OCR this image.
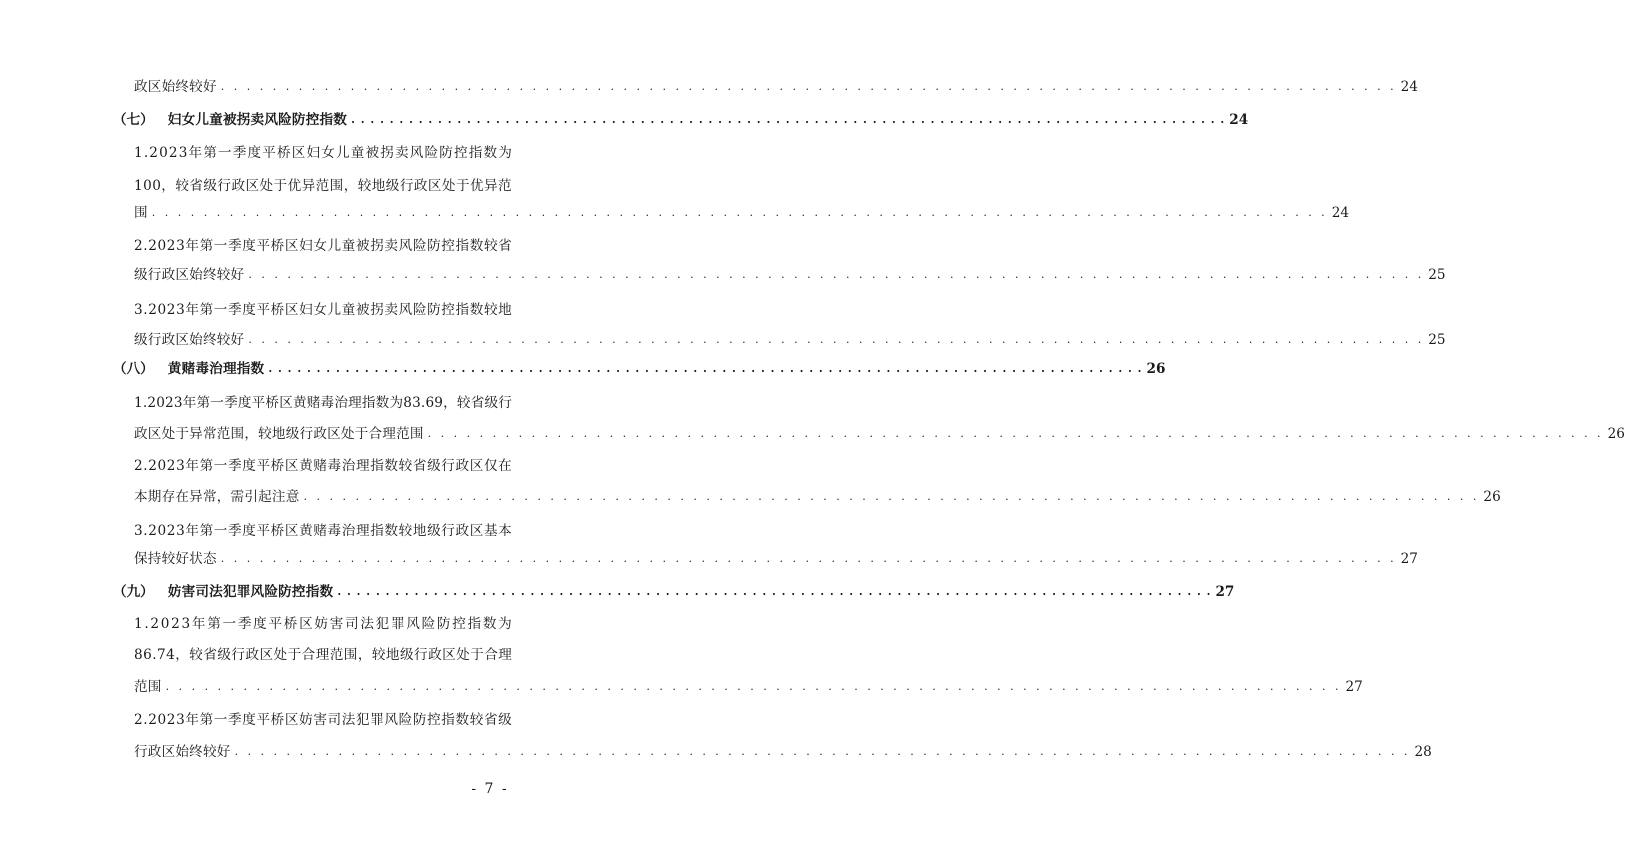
政区始终较好 . . . . . . . . . . . . . . . . . . . . . . . . . . . . . . . . . . . . . . . . . . . . . . . . . . . . . . . . . . . . . . . . . . . . . . . . . . . . . . . . . . . . . . . . . . . 24
（七） 妇女儿童被拐卖风险防控指数 . . . . . . . . . . . . . . . . . . . . . . . . . . . . . . . . . . . . . . . . . . . . . . . . . . . . . . . . . . . . . . . . . . . . . . . . . . . . . . . . . . . . . . . . . . . 24
1 . 2 0 2 3 年 第 一 季 度 平 桥 区 妇 女 儿 童 被 拐 卖 风 险 防 控 指 数 为
1 0 0 ， 较 省 级 行 政 区 处 于 优 异 范 围 ， 较 地 级 行 政 区 处 于 优 异 范
围 . . . . . . . . . . . . . . . . . . . . . . . . . . . . . . . . . . . . . . . . . . . . . . . . . . . . . . . . . . . . . . . . . . . . . . . . . . . . . . . . . . . . . . . . . . . 24
2 . 2 0 2 3 年 第 一 季 度 平 桥 区 妇 女 儿 童 被 拐 卖 风 险 防 控 指 数 较 省
级行政区始终较好 . . . . . . . . . . . . . . . . . . . . . . . . . . . . . . . . . . . . . . . . . . . . . . . . . . . . . . . . . . . . . . . . . . . . . . . . . . . . . . . . . . . . . . . . . . . 25
3 . 2 0 2 3 年 第 一 季 度 平 桥 区 妇 女 儿 童 被 拐 卖 风 险 防 控 指 数 较 地
级行政区始终较好 . . . . . . . . . . . . . . . . . . . . . . . . . . . . . . . . . . . . . . . . . . . . . . . . . . . . . . . . . . . . . . . . . . . . . . . . . . . . . . . . . . . . . . . . . . . 25
（八） 黄赌毒治理指数 . . . . . . . . . . . . . . . . . . . . . . . . . . . . . . . . . . . . . . . . . . . . . . . . . . . . . . . . . . . . . . . . . . . . . . . . . . . . . . . . . . . . . . . . . . . 26
1 . 2 0 2 3 年 第 一 季 度 平 桥 区 黄 赌 毒 治 理 指 数 为 8 3 . 6 9 ， 较 省 级 行
政区处于异常范围，较地级行政区处于合理范围 . . . . . . . . . . . . . . . . . . . . . . . . . . . . . . . . . . . . . . . . . . . . . . . . . . . . . . . . . . . . . . . . . . . . . . . . . . . . . . . . . . . . . . . . . . . 26
2 . 2 0 2 3 年 第 一 季 度 平 桥 区 黄 赌 毒 治 理 指 数 较 省 级 行 政 区 仅 在
本期存在异常，需引起注意 . . . . . . . . . . . . . . . . . . . . . . . . . . . . . . . . . . . . . . . . . . . . . . . . . . . . . . . . . . . . . . . . . . . . . . . . . . . . . . . . . . . . . . . . . . . 26
3 . 2 0 2 3 年 第 一 季 度 平 桥 区 黄 赌 毒 治 理 指 数 较 地 级 行 政 区 基 本
保持较好状态 . . . . . . . . . . . . . . . . . . . . . . . . . . . . . . . . . . . . . . . . . . . . . . . . . . . . . . . . . . . . . . . . . . . . . . . . . . . . . . . . . . . . . . . . . . . 27
（九） 妨害司法犯罪风险防控指数 . . . . . . . . . . . . . . . . . . . . . . . . . . . . . . . . . . . . . . . . . . . . . . . . . . . . . . . . . . . . . . . . . . . . . . . . . . . . . . . . . . . . . . . . . . . 27
1 . 2 0 2 3 年 第 一 季 度 平 桥 区 妨 害 司 法 犯 罪 风 险 防 控 指 数 为
8 6 . 7 4 ， 较 省 级 行 政 区 处 于 合 理 范 围 ， 较 地 级 行 政 区 处 于 合 理
范围 . . . . . . . . . . . . . . . . . . . . . . . . . . . . . . . . . . . . . . . . . . . . . . . . . . . . . . . . . . . . . . . . . . . . . . . . . . . . . . . . . . . . . . . . . . . 27
2 . 2 0 2 3 年 第 一 季 度 平 桥 区 妨 害 司 法 犯 罪 风 险 防 控 指 数 较 省 级
行政区始终较好 . . . . . . . . . . . . . . . . . . . . . . . . . . . . . . . . . . . . . . . . . . . . . . . . . . . . . . . . . . . . . . . . . . . . . . . . . . . . . . . . . . . . . . . . . . . 28
- 7 -
